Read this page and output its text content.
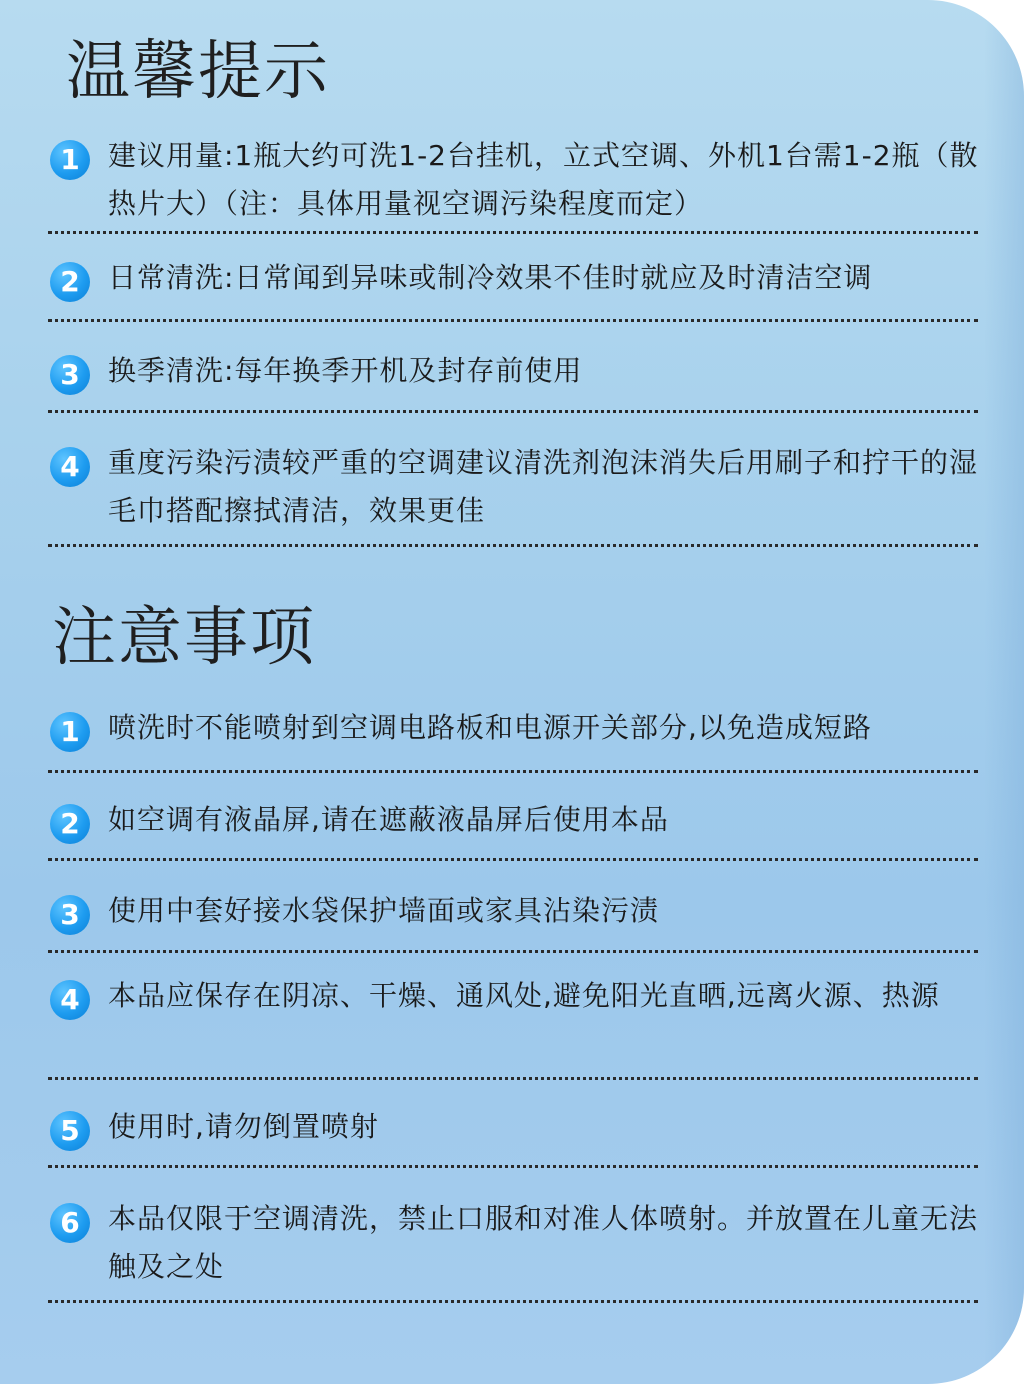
温馨提示
1	建议用量:1瓶大约可洗1-2台挂机，立式空调、外机1台需1-2瓶（散热片大）（注：具体用量视空调污染程度而定）

2	日常清洗:日常闻到异味或制冷效果不佳时就应及时清洁空调

3	换季清洗:每年换季开机及封存前使用

4	重度污染污渍较严重的空调建议清洗剂泡沫消失后用刷子和拧干的湿毛巾搭配擦拭清洁，效果更佳

注意事项
1	喷洗时不能喷射到空调电路板和电源开关部分,以免造成短路

2	如空调有液晶屏,请在遮蔽液晶屏后使用本品

3	使用中套好接水袋保护墙面或家具沾染污渍

4	本品应保存在阴凉、干燥、通风处,避免阳光直晒,远离火源、热源

5	使用时,请勿倒置喷射

6	本品仅限于空调清洗，禁止口服和对准人体喷射。并放置在儿童无法触及之处
